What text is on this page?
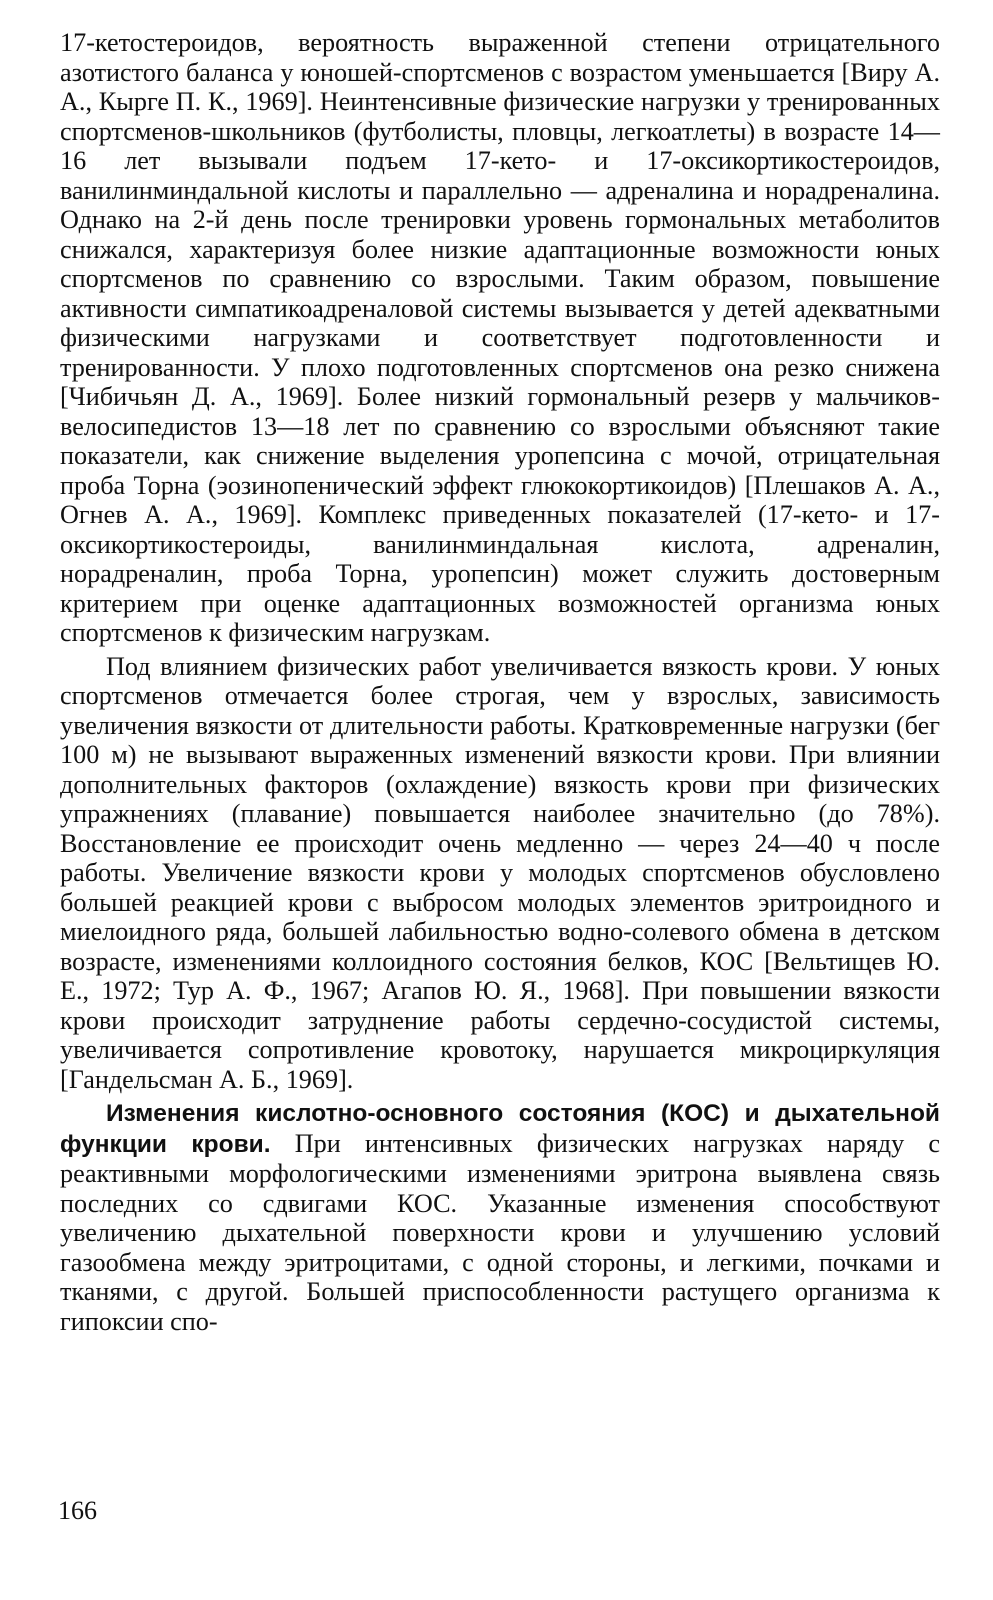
17-кетостероидов, вероятность выраженной степени отрицательного азотистого баланса у юношей-спортсменов с возрастом уменьшается [Виру А. А., Кырге П. К., 1969]. Неинтенсивные физические нагрузки у тренированных спортсменов-школьников (футболисты, пловцы, легкоатлеты) в возрасте 14—16 лет вызывали подъем 17-кето- и 17-оксикортикостероидов, ванилинминдальной кислоты и параллельно — адреналина и норадреналина. Однако на 2-й день после тренировки уровень гормональных метаболитов снижался, характеризуя более низкие адаптационные возможности юных спортсменов по сравнению со взрослыми. Таким образом, повышение активности симпатикоадреналовой системы вызывается у детей адекватными физическими нагрузками и соответствует подготовленности и тренированности. У плохо подготовленных спортсменов она резко снижена [Чибичьян Д. А., 1969]. Более низкий гормональный резерв у мальчиков-велосипедистов 13—18 лет по сравнению со взрослыми объясняют такие показатели, как снижение выделения уропепсина с мочой, отрицательная проба Торна (эозинопенический эффект глюкокортикоидов) [Плешаков А. А., Огнев А. А., 1969]. Комплекс приведенных показателей (17-кето- и 17-оксикортикостероиды, ванилинминдальная кислота, адреналин, норадреналин, проба Торна, уропепсин) может служить достоверным критерием при оценке адаптационных возможностей организма юных спортсменов к физическим нагрузкам.

Под влиянием физических работ увеличивается вязкость крови. У юных спортсменов отмечается более строгая, чем у взрослых, зависимость увеличения вязкости от длительности работы. Кратковременные нагрузки (бег 100 м) не вызывают выраженных изменений вязкости крови. При влиянии дополнительных факторов (охлаждение) вязкость крови при физических упражнениях (плавание) повышается наиболее значительно (до 78%). Восстановление ее происходит очень медленно — через 24—40 ч после работы. Увеличение вязкости крови у молодых спортсменов обусловлено большей реакцией крови с выбросом молодых элементов эритроидного и миелоидного ряда, большей лабильностью водно-солевого обмена в детском возрасте, изменениями коллоидного состояния белков, КОС [Вельтищев Ю. Е., 1972; Тур А. Ф., 1967; Агапов Ю. Я., 1968]. При повышении вязкости крови происходит затруднение работы сердечно-сосудистой системы, увеличивается сопротивление кровотоку, нарушается микроциркуляция [Гандельсман А. Б., 1969].

Изменения кислотно-основного состояния (КОС) и дыхательной функции крови. При интенсивных физических нагрузках наряду с реактивными морфологическими изменениями эритрона выявлена связь последних со сдвигами КОС. Указанные изменения способствуют увеличению дыхательной поверхности крови и улучшению условий газообмена между эритроцитами, с одной стороны, и легкими, почками и тканями, с другой. Большей приспособленности растущего организма к гипоксии спо-

166
